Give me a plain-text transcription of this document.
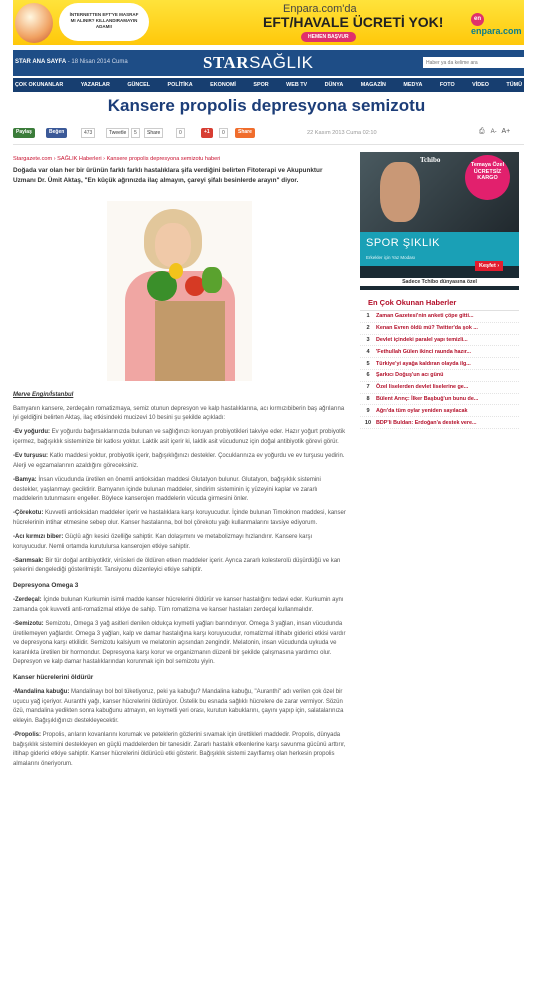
İNTERNETTEN EFT'YE MASRAF MI ALINIR? KILLANDIRAMAYIN ADAMI!
Enpara.com'da
EFT/HAVALE ÜCRETİ YOK!
HEMEN BAŞVUR
enenpara.com
STAR ANA SAYFA - 18 Nisan 2014 Cuma	STARSAĞLIK
Haber ya da kelime ara
ÇOK OKUNANLAR	YAZARLAR	GÜNCEL	POLİTİKA	EKONOMİ	SPOR	WEB TV	DÜNYA	MAGAZİN	MEDYA	FOTO	VİDEO	TÜMÜ
Kansere propolis depresyona semizotu
Paylaş	Beğen	473	Tweetle	5	Share	0	+1	0	Share	22 Kasım 2013 Cuma 02:10	⎙ A- A+
Stargazete.com › SAĞLIK Haberleri › Kansere propolis depresyona semizotu haberi
Doğada var olan her bir ürünün farklı farklı hastalıklara şifa verdiğini belirten Fitoterapi ve Akupunktur Uzmanı Dr. Ümit Aktaş, "En küçük ağrınızda ilaç almayın, çareyi şifalı besinlerde arayın" diyor.
Merve Engin/İstanbul

Bamyanın kansere, zerdeçalın romatizmaya, semiz otunun depresyon ve kalp hastalıklarına, acı kırmızıbiberin baş ağrılarına iyi geldiğini belirten Aktaş, ilaç etkisindeki mucizevi 10 besini şu şekilde açıkladı:

-Ev yoğurdu: Ev yoğurdu bağırsaklarınızda bulunan ve sağlığınızı koruyan probiyotikleri takviye eder. Hazır yoğurt probiyotik içermez, bağışıklık sisteminize bir katkısı yoktur. Laktik asit içerir ki, laktik asit vücudunuz için doğal antibiyotik görevi görür.

-Ev turşusu: Katkı maddesi yoktur, probiyotik içerir, bağışıklığınızı destekler. Çocuklarınıza ev yoğurdu ve ev turşusu yedirin. Alerji ve egzamalarının azaldığını göreceksiniz.

-Bamya: İnsan vücudunda üretilen en önemli antioksidan maddesi Glutatyon bulunur. Glutatyon, bağışıklık sistemini destekler, yaşlanmayı geciktirir. Bamyanın içinde bulunan maddeler, sindirim sisteminin iç yüzeyini kaplar ve zararlı maddelerin tutunmasını engeller. Böylece kanserojen maddelerin vücuda girmesini önler.

-Çörekotu: Kuvvetli antioksidan maddeler içerir ve hastalıklara karşı koruyucudur. İçinde bulunan Timokinon maddesi, kanser hücrelerinin intihar etmesine sebep olur. Kanser hastalarına, bol bol çörekotu yağı kullanmalarını tavsiye ediyorum.

-Acı kırmızı biber: Güçlü ağrı kesici özelliğe sahiptir. Kan dolaşımını ve metabolizmayı hızlandırır. Kansere karşı koruyucudur. Nemli ortamda kurutulursa kanserojen etkiye sahiptir.

-Sarımsak: Bir tür doğal antibiyotiktir, virüsleri de öldüren etken maddeler içerir. Ayrıca zararlı kolesterolü düşürdüğü ve kan şekerini dengelediği gösterilmiştir. Tansiyonu düzenleyici etkiye sahiptir.

Depresyona Omega 3

-Zerdeçal: İçinde bulunan Kurkumin isimli madde kanser hücrelerini öldürür ve kanser hastalığını tedavi eder. Kurkumin aynı zamanda çok kuvvetli anti-romatizmal etkiye de sahip. Tüm romatizma ve kanser hastaları zerdeçal kullanmalıdır.

-Semizotu: Semizotu, Omega 3 yağ asitleri denilen oldukça kıymetli yağları barındırıyor. Omega 3 yağları, insan vücudunda üretilemeyen yağlardır. Omega 3 yağları, kalp ve damar hastalığına karşı koruyucudur, romatizmal iltihabı giderici etkisi vardır ve depresyona karşı etkilidir. Semizotu kalsiyum ve melatonin açısından zengindir. Melatonin, insan vücudunda uykuda ve karanlıkta üretilen bir hormondur. Depresyona karşı korur ve organizmanın düzenli bir şekilde çalışmasına yardımcı olur. Depresyon ve kalp damar hastalıklarından korunmak için bol semizotu yiyin.

Kanser hücrelerini öldürür

-Mandalina kabuğu: Mandalinayı bol bol tüketiyoruz, peki ya kabuğu? Mandalina kabuğu, "Auranthi" adı verilen çok özel bir uçucu yağ içeriyor. Auranthi yağı, kanser hücrelerini öldürüyor. Üstelik bu esnada sağlıklı hücrelere de zarar vermiyor. Sözün özü, mandalina yedikten sonra kabuğunu atmayın, en kıymetli yeri orası, kurutun kabuklarını, çayını yapıp için, salatalarınıza ekleyin. Bağışıklığınızı destekleyecektir.

-Propolis: Propolis, arıların kovanlarını korumak ve peteklerin gözlerini sıvamak için ürettikleri maddedir. Propolis, dünyada bağışıklık sistemini destekleyen en güçlü maddelerden bir tanesidir. Zararlı hastalık etkenlerine karşı savunma gücünü arttırır, iltihap giderici etkiye sahiptir. Kanser hücrelerini öldürücü etki gösterir. Bağışıklık sistemi zayıflamış olan herkesin propolis almalarını öneriyorum.

Tchibo
Temaya Özel ÜCRETSİZ KARGO
SPOR ŞIKLIK
Erkekler için Yaz Modası
Keşfet ›
Sadece Tchibo dünyasına özel
En Çok Okunan Haberler
1	Zaman Gazetesi'nin anketi çöpe gitti...
2	Kenan Evren öldü mü? Twitter'da şok ...
3	Devlet içindeki paralel yapı temizli...
4	'Fethullah Gülen ikinci raunda hazır...
5	Türkiye'yi ayağa kaldıran olayda ilg...
6	Şarkıcı Doğuş'un acı günü
7	Özel liselerden devlet liselerine ge...
8	Bülent Arınç: İlker Başbuğ'un bunu de...
9	Ağrı'da tüm oylar yeniden sayılacak
10 BDP'li Buldan: Erdoğan'a destek vere...
